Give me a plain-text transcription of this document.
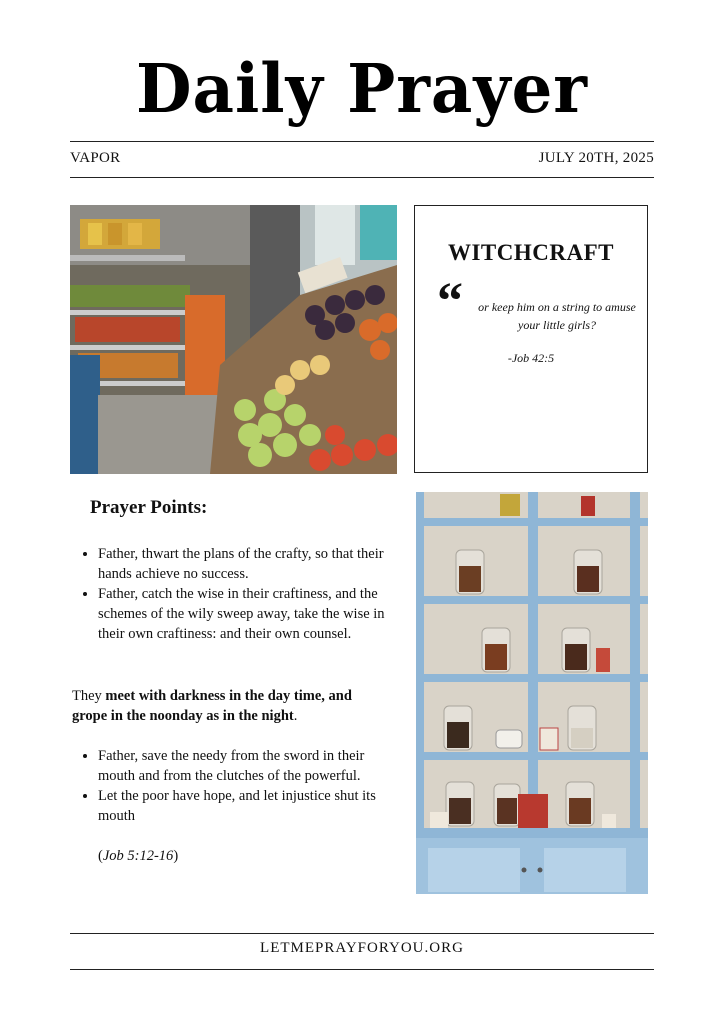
Daily Prayer
VAPOR	JULY 20TH, 2025
WITCHCRAFT
“ or keep him on a string to amuse your little girls?
-Job 42:5
Prayer Points:
• Father, thwart the plans of the crafty, so that their hands achieve no success.
• Father, catch the wise in their craftiness, and the schemes of the wily sweep away, take the wise in their own craftiness: and their own counsel.
They meet with darkness in the day time, and grope in the noonday as in the night.
• Father, save the needy from the sword in their mouth and from the clutches of the powerful.
• Let the poor have hope, and let injustice shut its mouth
(Job 5:12-16)
LETMEPRAYFORYOU.ORG
